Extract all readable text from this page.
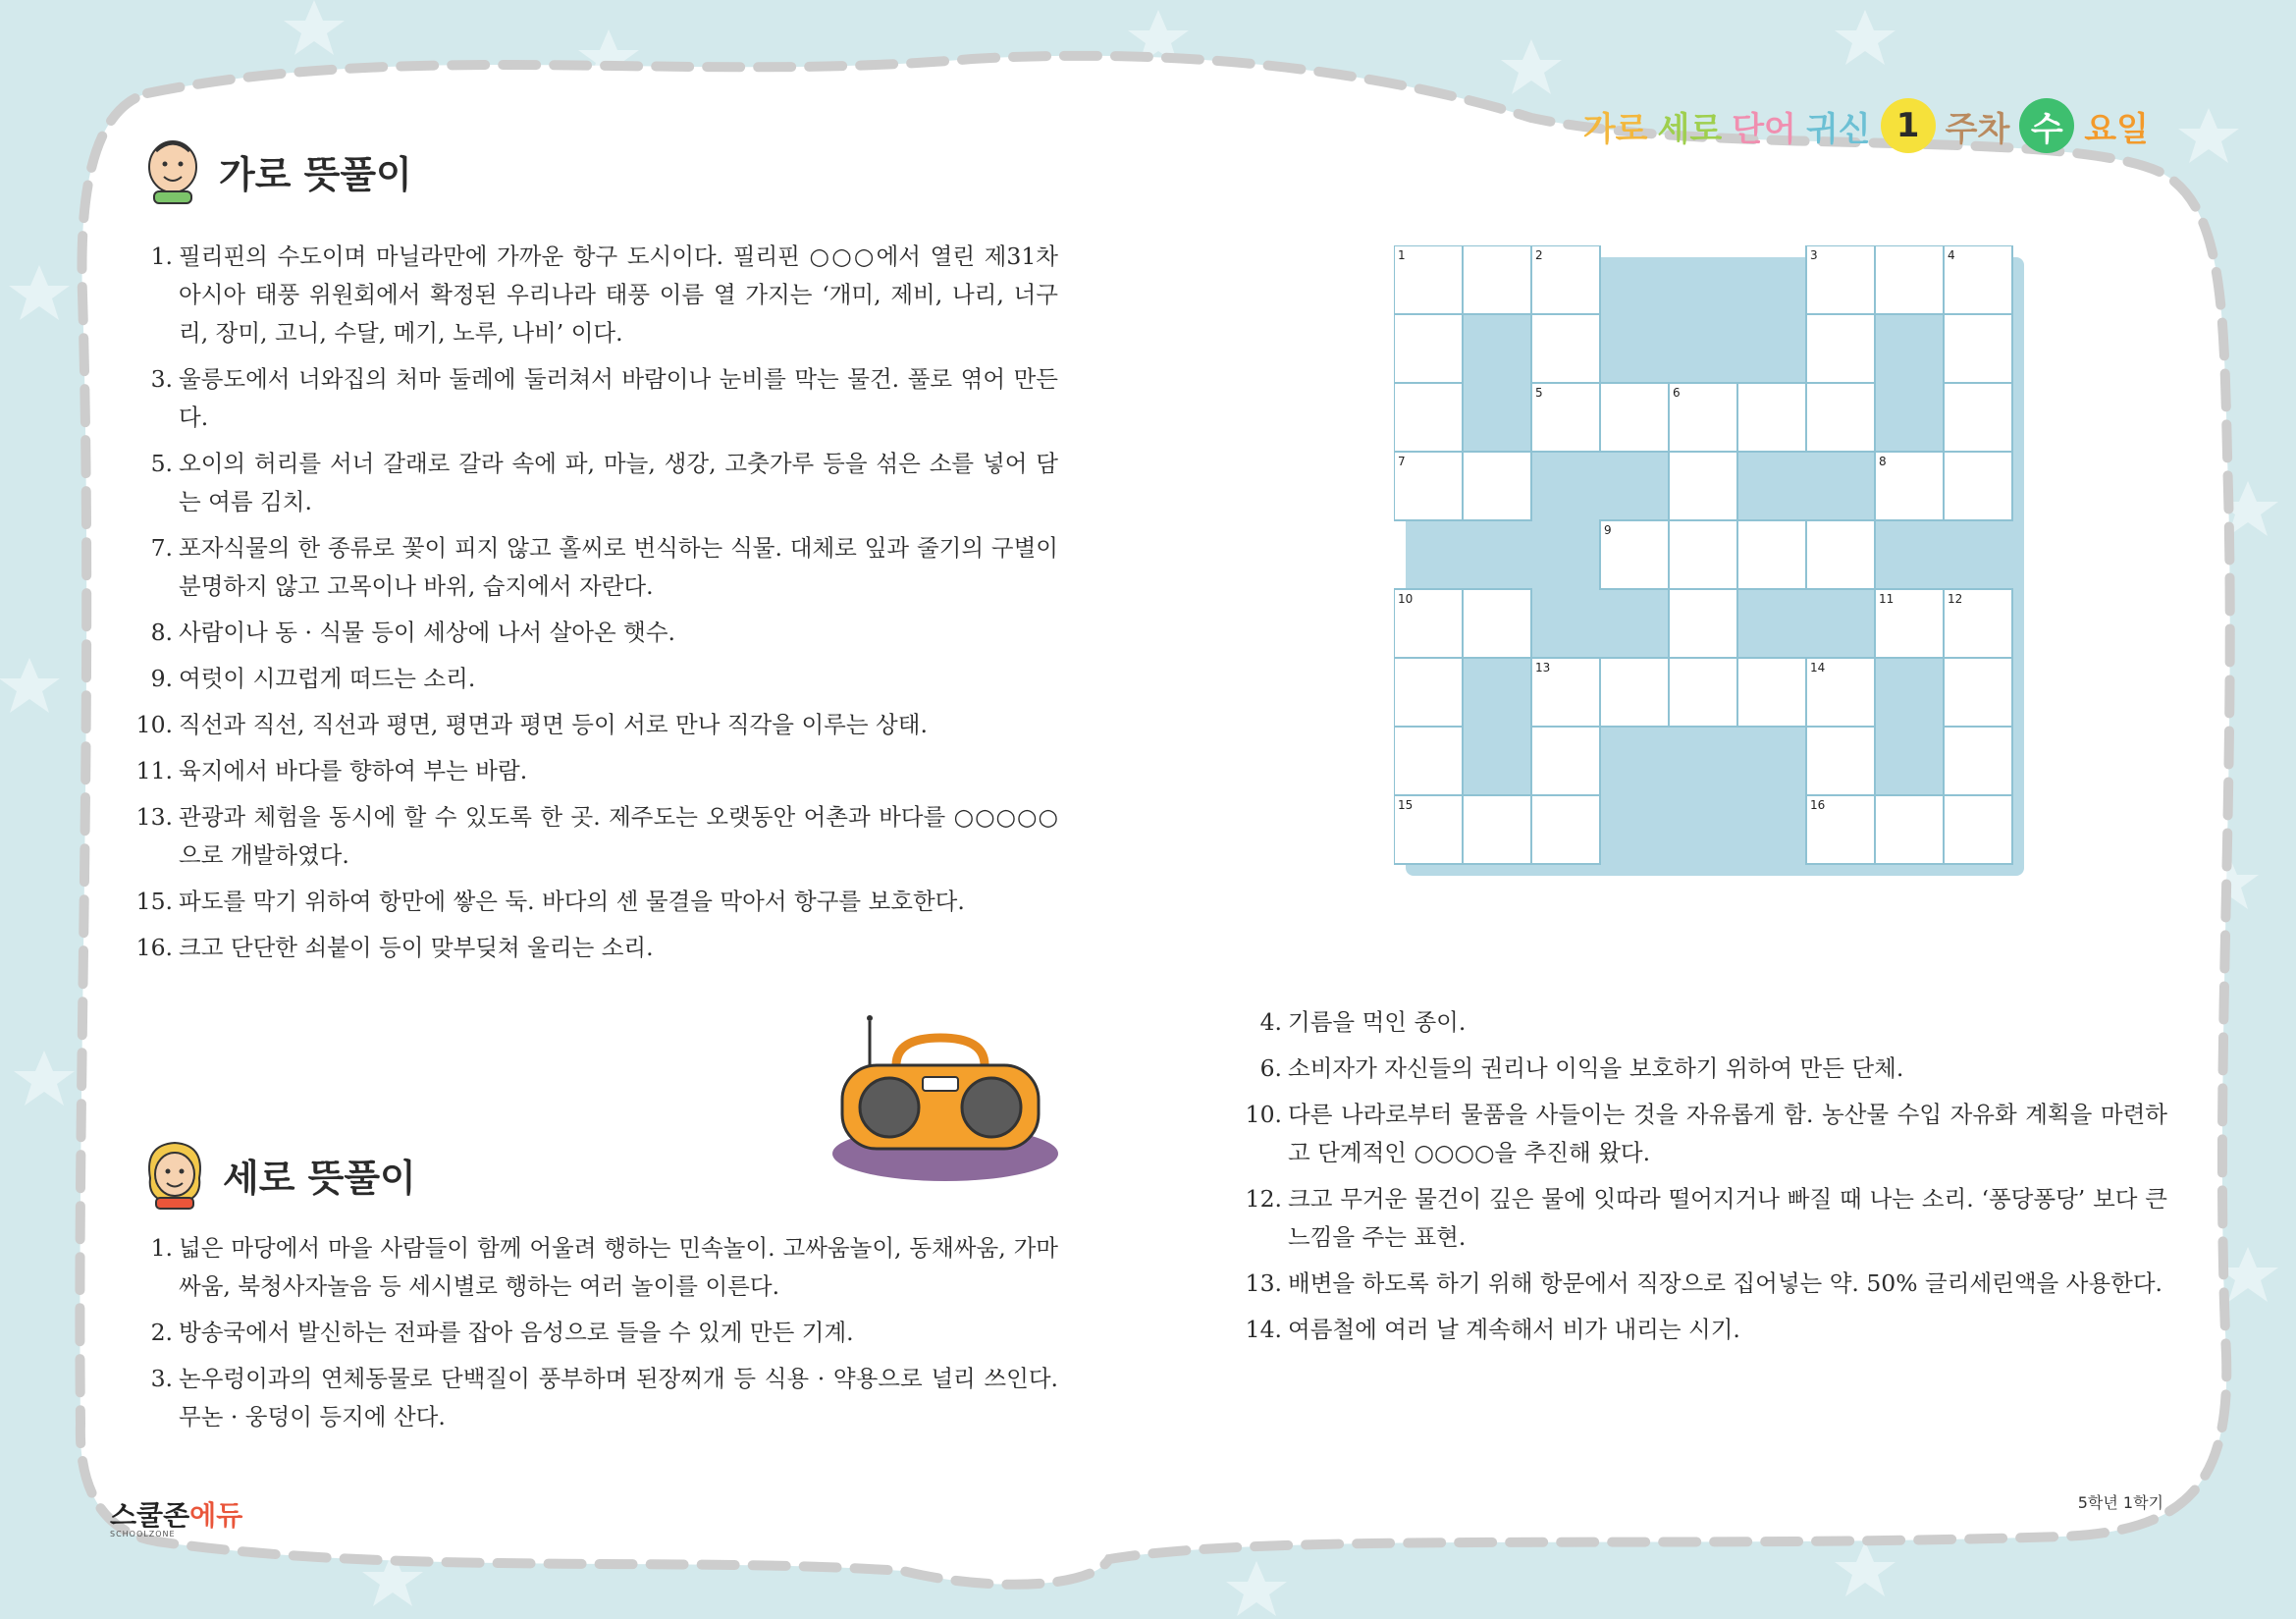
가로 세로 단어 귀신 1 주차 수 요일
가로 뜻풀이
1. 필리핀의 수도이며 마닐라만에 가까운 항구 도시이다. 필리핀 ○○○에서 열린 제31차 아시아 태풍 위원회에서 확정된 우리나라 태풍 이름 열 가지는 ‘개미, 제비, 나리, 너구리, 장미, 고니, 수달, 메기, 노루, 나비’ 이다.
3. 울릉도에서 너와집의 처마 둘레에 둘러쳐서 바람이나 눈비를 막는 물건. 풀로 엮어 만든다.
5. 오이의 허리를 서너 갈래로 갈라 속에 파, 마늘, 생강, 고춧가루 등을 섞은 소를 넣어 담는 여름 김치.
7. 포자식물의 한 종류로 꽃이 피지 않고 홀씨로 번식하는 식물. 대체로 잎과 줄기의 구별이 분명하지 않고 고목이나 바위, 습지에서 자란다.
8. 사람이나 동 · 식물 등이 세상에 나서 살아온 햇수.
9. 여럿이 시끄럽게 떠드는 소리.
10. 직선과 직선, 직선과 평면, 평면과 평면 등이 서로 만나 직각을 이루는 상태.
11. 육지에서 바다를 향하여 부는 바람.
13. 관광과 체험을 동시에 할 수 있도록 한 곳. 제주도는 오랫동안 어촌과 바다를 ○○○○○으로 개발하였다.
15. 파도를 막기 위하여 항만에 쌓은 둑. 바다의 센 물결을 막아서 항구를 보호한다.
16. 크고 단단한 쇠붙이 등이 맞부딪쳐 울리는 소리.
1	2	3	4
5	6
7	8
9
10	11	12
13	14
15	16
세로 뜻풀이
1. 넓은 마당에서 마을 사람들이 함께 어울려 행하는 민속놀이. 고싸움놀이, 동채싸움, 가마싸움, 북청사자놀음 등 세시별로 행하는 여러 놀이를 이른다.
2. 방송국에서 발신하는 전파를 잡아 음성으로 들을 수 있게 만든 기계.
3. 논우렁이과의 연체동물로 단백질이 풍부하며 된장찌개 등 식용 · 약용으로 널리 쓰인다. 무논 · 웅덩이 등지에 산다.
4. 기름을 먹인 종이.
6. 소비자가 자신들의 권리나 이익을 보호하기 위하여 만든 단체.
10. 다른 나라로부터 물품을 사들이는 것을 자유롭게 함. 농산물 수입 자유화 계획을 마련하고 단계적인 ○○○○을 추진해 왔다.
12. 크고 무거운 물건이 깊은 물에 잇따라 떨어지거나 빠질 때 나는 소리. ‘퐁당퐁당’ 보다 큰 느낌을 주는 표현.
13. 배변을 하도록 하기 위해 항문에서 직장으로 집어넣는 약. 50% 글리세린액을 사용한다.
14. 여름철에 여러 날 계속해서 비가 내리는 시기.
스쿨존에듀
SCHOOLZONE
5학년 1학기
